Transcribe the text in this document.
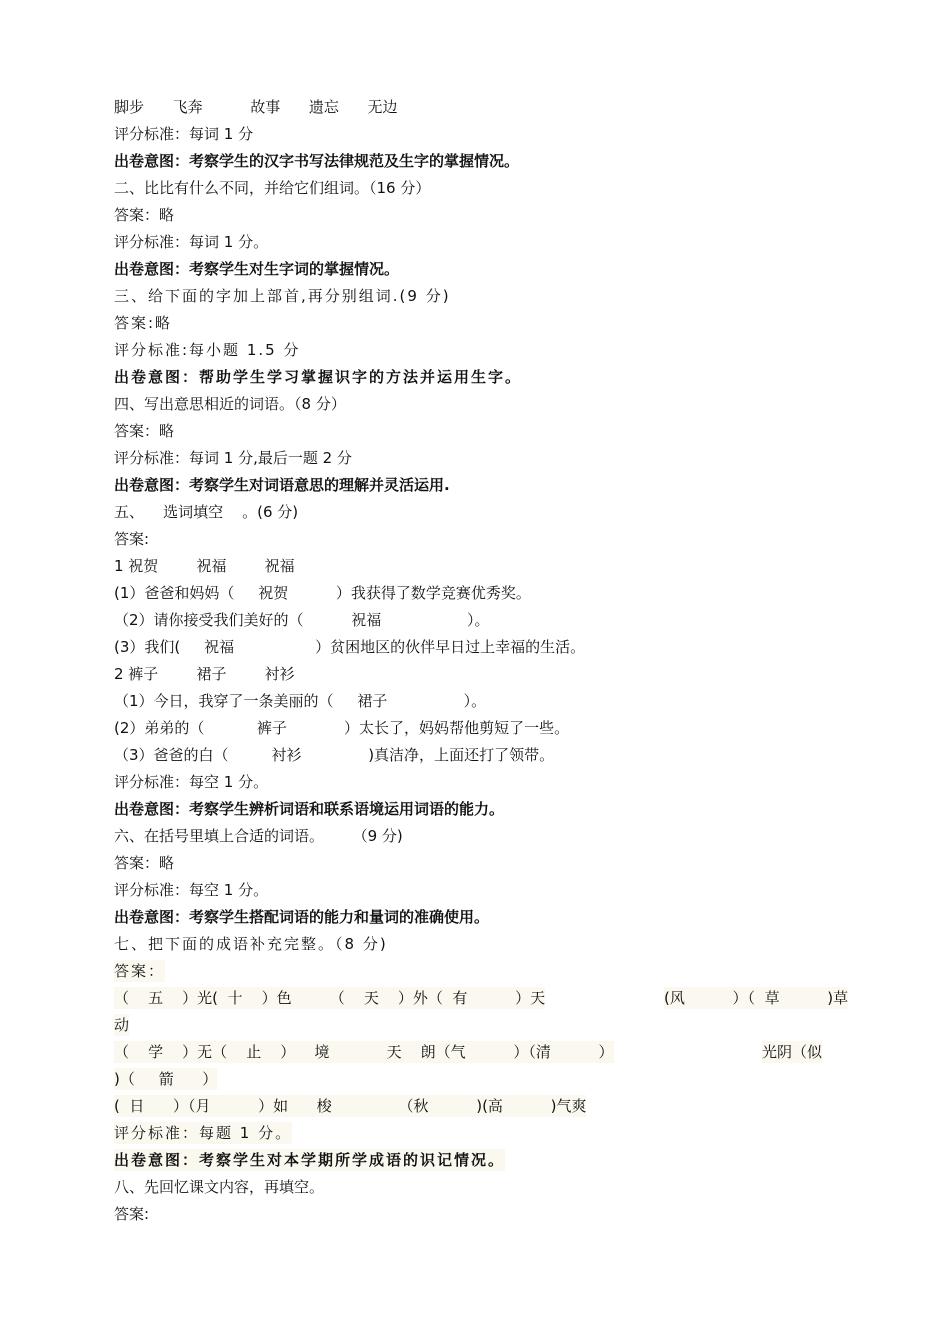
脚步      飞奔          故事      遗忘      无边
评分标准：每词 1 分
出卷意图：考察学生的汉字书写法律规范及生字的掌握情况。
二、比比有什么不同，并给它们组词。（16 分）
答案：略
评分标准：每词 1 分。
出卷意图：考察学生对生字词的掌握情况。
三、给下面的字加上部首,再分别组词.(9 分)
答案:略
评分标准:每小题 1.5 分
出卷意图：帮助学生学习掌握识字的方法并运用生字。
四、写出意思相近的词语。（8 分）
答案：略
评分标准：每词 1 分,最后一题 2 分
出卷意图：考察学生对词语意思的理解并灵活运用.
五、    选词填空    。(6 分)
答案:
1 祝贺        祝福        祝福
(1）爸爸和妈妈（     祝贺          ）我获得了数学竞赛优秀奖。
（2）请你接受我们美好的（          祝福                  ）。
(3）我们(     祝福                 ）贫困地区的伙伴早日过上幸福的生活。
2 裤子        裙子        衬衫
（1）今日，我穿了一条美丽的（     裙子                ）。
(2）弟弟的（           裤子            ）太长了，妈妈帮他剪短了一些。
（3）爸爸的白（         衬衫              )真洁净，上面还打了领带。
评分标准：每空 1 分。
出卷意图：考察学生辨析词语和联系语境运用词语的能力。
六、在括号里填上合适的词语。      （9 分)
答案：略
评分标准：每空 1 分。
出卷意图：考察学生搭配词语的能力和量词的准确使用。
七、把下面的成语补充完整。（8 分)
答案：
（    五    ）光(  十    ）色        （    天    ）外（  有          ）天	(风          ）（  草          )草
动
（    学    ）无（    止    ）    境            天    朗（气          ）（清          ）	光阴（似
)（     箭      ）
(  日      ）（月          ）如      梭              （秋          )(高          )气爽
评分标准：每题 1 分。
出卷意图：考察学生对本学期所学成语的识记情况。
八、先回忆课文内容，再填空。
答案:
